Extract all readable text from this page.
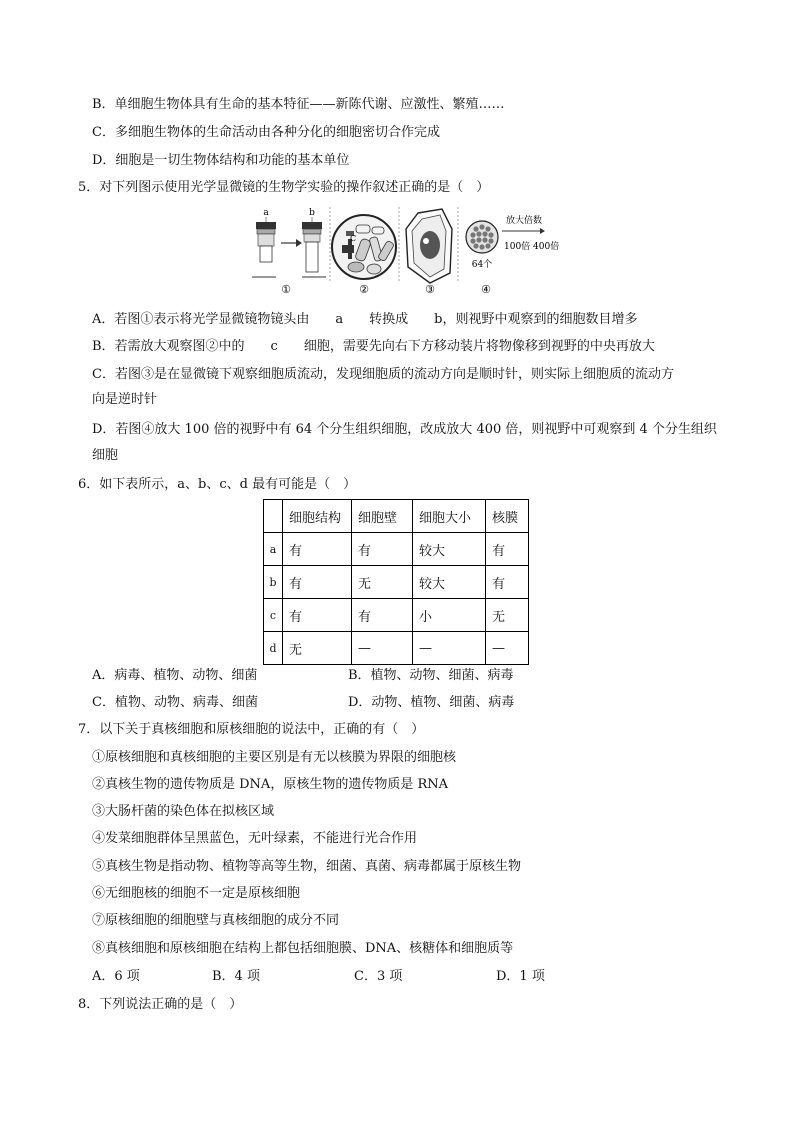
B．单细胞生物体具有生命的基本特征——新陈代谢、应激性、繁殖……
C．多细胞生物体的生命活动由各种分化的细胞密切合作完成
D．细胞是一切生物体结构和功能的基本单位
5．对下列图示使用光学显微镜的生物学实验的操作叙述正确的是（　）
a	b
①
C
②	③
64个
放大倍数
100倍 400倍
④
A．若图①表示将光学显微镜物镜头由　　a　　转换成　　b，则视野中观察到的细胞数目增多
B．若需放大观察图②中的　　c　　细胞，需要先向右下方移动装片将物像移到视野的中央再放大
C．若图③是在显微镜下观察细胞质流动，发现细胞质的流动方向是顺时针，则实际上细胞质的流动方
向是逆时针
D．若图④放大 100 倍的视野中有 64 个分生组织细胞，改成放大 400 倍，则视野中可观察到 4 个分生组织
细胞
6．如下表所示，a、b、c、d 最有可能是（　）
	细胞结构	细胞壁	细胞大小	核膜
a	有	有	较大	有
b	有	无	较大	有
c	有	有	小	无
d	无	—	—	—
A．病毒、植物、动物、细菌	B．植物、动物、细菌、病毒
C．植物、动物、病毒、细菌	D．动物、植物、细菌、病毒
7．以下关于真核细胞和原核细胞的说法中，正确的有（　）
①原核细胞和真核细胞的主要区别是有无以核膜为界限的细胞核
②真核生物的遗传物质是 DNA，原核生物的遗传物质是 RNA
③大肠杆菌的染色体在拟核区域
④发菜细胞群体呈黑蓝色，无叶绿素，不能进行光合作用
⑤真核生物是指动物、植物等高等生物，细菌、真菌、病毒都属于原核生物
⑥无细胞核的细胞不一定是原核细胞
⑦原核细胞的细胞壁与真核细胞的成分不同
⑧真核细胞和原核细胞在结构上都包括细胞膜、DNA、核糖体和细胞质等
A．6 项	B．4 项	C．3 项	D．1 项
8．下列说法正确的是（　）
